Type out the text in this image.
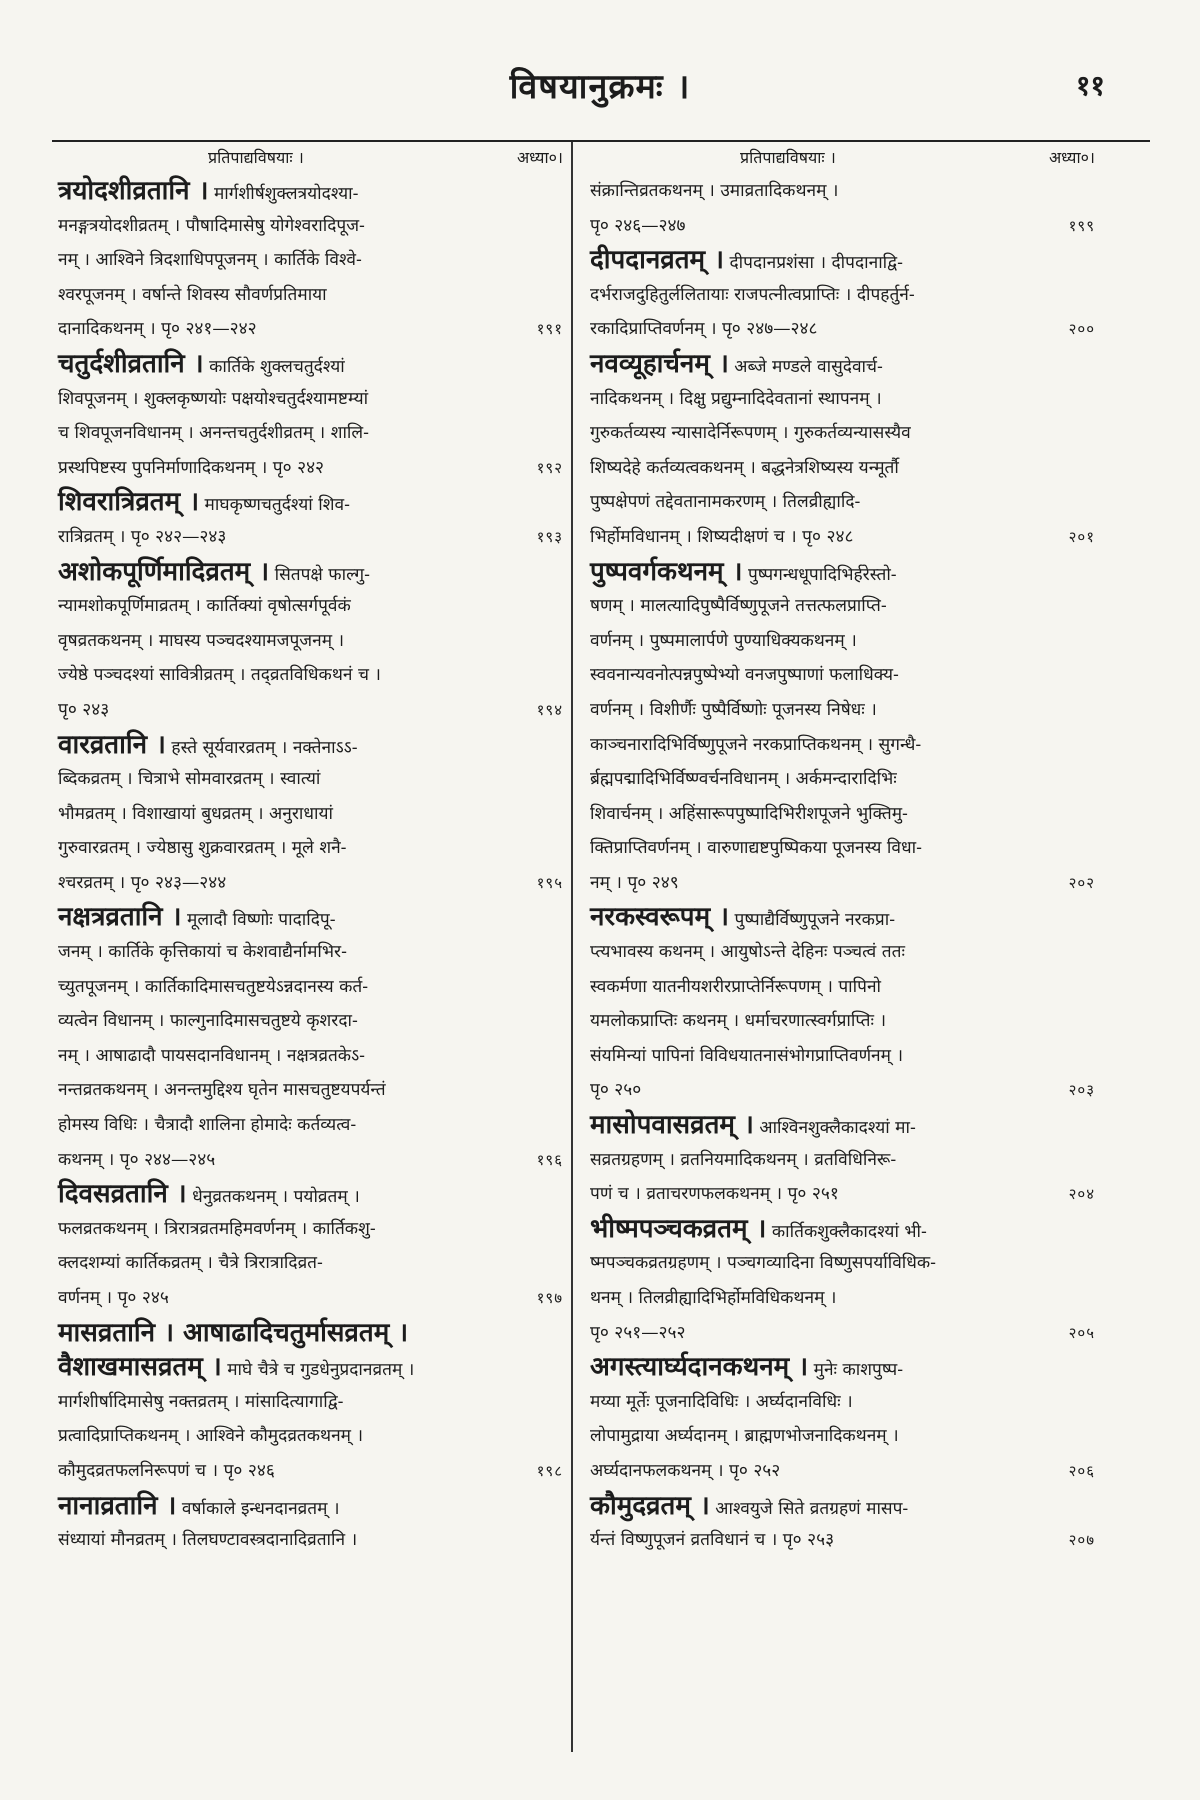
विषयानुक्रमः ।	११
प्रतिपाद्यविषयाः ।	अध्या०।
त्रयोदशीव्रतानि । मार्गशीर्षशुक्लत्रयोदश्या-
मनङ्गत्रयोदशीव्रतम् । पौषादिमासेषु योगेश्वरादिपूज-
नम् । आश्विने त्रिदशाधिपपूजनम् । कार्तिके विश्वे-
श्वरपूजनम् । वर्षान्ते शिवस्य सौवर्णप्रतिमाया
दानादिकथनम् । पृ० २४१—२४२	१९१
चतुर्दशीव्रतानि । कार्तिके शुक्लचतुर्दश्यां
शिवपूजनम् । शुक्लकृष्णयोः पक्षयोश्चतुर्दश्यामष्टम्यां
च शिवपूजनविधानम् । अनन्तचतुर्दशीव्रतम् । शालि-
प्रस्थपिष्टस्य पुपनिर्माणादिकथनम् । पृ० २४२	१९२
शिवरात्रिव्रतम् । माघकृष्णचतुर्दश्यां शिव-
रात्रिव्रतम् । पृ० २४२—२४३	१९३
अशोकपूर्णिमादिव्रतम् । सितपक्षे फाल्गु-
न्यामशोकपूर्णिमाव्रतम् । कार्तिक्यां वृषोत्सर्गपूर्वकं
वृषव्रतकथनम् । माघस्य पञ्चदश्यामजपूजनम् ।
ज्येष्ठे पञ्चदश्यां सावित्रीव्रतम् । तद्व्रतविधिकथनं च ।
पृ० २४३	१९४
वारव्रतानि । हस्ते सूर्यवारव्रतम् । नक्तेनाऽऽ-
ब्दिकव्रतम् । चित्राभे सोमवारव्रतम् । स्वात्यां
भौमव्रतम् । विशाखायां बुधव्रतम् । अनुराधायां
गुरुवारव्रतम् । ज्येष्ठासु शुक्रवारव्रतम् । मूले शनै-
श्चरव्रतम् । पृ० २४३—२४४	१९५
नक्षत्रव्रतानि । मूलादौ विष्णोः पादादिपू-
जनम् । कार्तिके कृत्तिकायां च केशवाद्यैर्नामभिर-
च्युतपूजनम् । कार्तिकादिमासचतुष्टयेऽन्नदानस्य कर्त-
व्यत्वेन विधानम् । फाल्गुनादिमासचतुष्टये कृशरदा-
नम् । आषाढादौ पायसदानविधानम् । नक्षत्रव्रतकेऽ-
नन्तव्रतकथनम् । अनन्तमुद्दिश्य घृतेन मासचतुष्टयपर्यन्तं
होमस्य विधिः । चैत्रादौ शालिना होमादेः कर्तव्यत्व-
कथनम् । पृ० २४४—२४५	१९६
दिवसव्रतानि । धेनुव्रतकथनम् । पयोव्रतम् ।
फलव्रतकथनम् । त्रिरात्रव्रतमहिमवर्णनम् । कार्तिकशु-
क्लदशम्यां कार्तिकव्रतम् । चैत्रे त्रिरात्रादिव्रत-
वर्णनम् । पृ० २४५	१९७
मासव्रतानि । आषाढादिचतुर्मासव्रतम् ।
वैशाखमासव्रतम् । माघे चैत्रे च गुडधेनुप्रदानव्रतम् ।
मार्गशीर्षादिमासेषु नक्तव्रतम् । मांसादित्यागाद्वि-
प्रत्वादिप्राप्तिकथनम् । आश्विने कौमुदव्रतकथनम् ।
कौमुदव्रतफलनिरूपणं च । पृ० २४६	१९८
नानाव्रतानि । वर्षाकाले इन्धनदानव्रतम् ।
संध्यायां मौनव्रतम् । तिलघण्टावस्त्रदानादिव्रतानि ।
प्रतिपाद्यविषयाः ।	अध्या०।
संक्रान्तिव्रतकथनम् । उमाव्रतादिकथनम् ।
पृ० २४६—२४७	१९९
दीपदानव्रतम् । दीपदानप्रशंसा । दीपदानाद्वि-
दर्भराजदुहितुर्ललितायाः राजपत्नीत्वप्राप्तिः । दीपहर्तुर्न-
रकादिप्राप्तिवर्णनम् । पृ० २४७—२४८	२००
नवव्यूहार्चनम् । अब्जे मण्डले वासुदेवार्च-
नादिकथनम् । दिक्षु प्रद्युम्नादिदेवतानां स्थापनम् ।
गुरुकर्तव्यस्य न्यासादेर्निरूपणम् । गुरुकर्तव्यन्यासस्यैव
शिष्यदेहे कर्तव्यत्वकथनम् । बद्धनेत्रशिष्यस्य यन्मूर्तौ
पुष्पक्षेपणं तद्देवतानामकरणम् । तिलव्रीह्यादि-
भिर्होमविधानम् । शिष्यदीक्षणं च । पृ० २४८	२०१
पुष्पवर्गकथनम् । पुष्पगन्धधूपादिभिर्हरेस्तो-
षणम् । मालत्यादिपुष्पैर्विष्णुपूजने तत्तत्फलप्राप्ति-
वर्णनम् । पुष्पमालार्पणे पुण्याधिक्यकथनम् ।
स्ववनान्यवनोत्पन्नपुष्पेभ्यो वनजपुष्पाणां फलाधिक्य-
वर्णनम् । विशीर्णैः पुष्पैर्विष्णोः पूजनस्य निषेधः ।
काञ्चनारादिभिर्विष्णुपूजने नरकप्राप्तिकथनम् । सुगन्धै-
र्ब्रह्मपद्मादिभिर्विष्ण्वर्चनविधानम् । अर्कमन्दारादिभिः
शिवार्चनम् । अहिंसारूपपुष्पादिभिरीशपूजने भुक्तिमु-
क्तिप्राप्तिवर्णनम् । वारुणाद्यष्टपुष्पिकया पूजनस्य विधा-
नम् । पृ० २४९	२०२
नरकस्वरूपम् । पुष्पाद्यैर्विष्णुपूजने नरकप्रा-
प्त्यभावस्य कथनम् । आयुषोऽन्ते देहिनः पञ्चत्वं ततः
स्वकर्मणा यातनीयशरीरप्राप्तेर्निरूपणम् । पापिनो
यमलोकप्राप्तिः कथनम् । धर्माचरणात्स्वर्गप्राप्तिः ।
संयमिन्यां पापिनां विविधयातनासंभोगप्राप्तिवर्णनम् ।
पृ० २५०	२०३
मासोपवासव्रतम् । आश्विनशुक्लैकादश्यां मा-
सव्रतग्रहणम् । व्रतनियमादिकथनम् । व्रतविधिनिरू-
पणं च । व्रताचरणफलकथनम् । पृ० २५१	२०४
भीष्मपञ्चकव्रतम् । कार्तिकशुक्लैकादश्यां भी-
ष्मपञ्चकव्रतग्रहणम् । पञ्चगव्यादिना विष्णुसपर्याविधिक-
थनम् । तिलव्रीह्यादिभिर्होमविधिकथनम् ।
पृ० २५१—२५२	२०५
अगस्त्यार्घ्यदानकथनम् । मुनेः काशपुष्प-
मय्या मूर्तेः पूजनादिविधिः । अर्घ्यदानविधिः ।
लोपामुद्राया अर्घ्यदानम् । ब्राह्मणभोजनादिकथनम् ।
अर्घ्यदानफलकथनम् । पृ० २५२	२०६
कौमुदव्रतम् । आश्वयुजे सिते व्रतग्रहणं मासप-
र्यन्तं विष्णुपूजनं व्रतविधानं च । पृ० २५३	२०७
